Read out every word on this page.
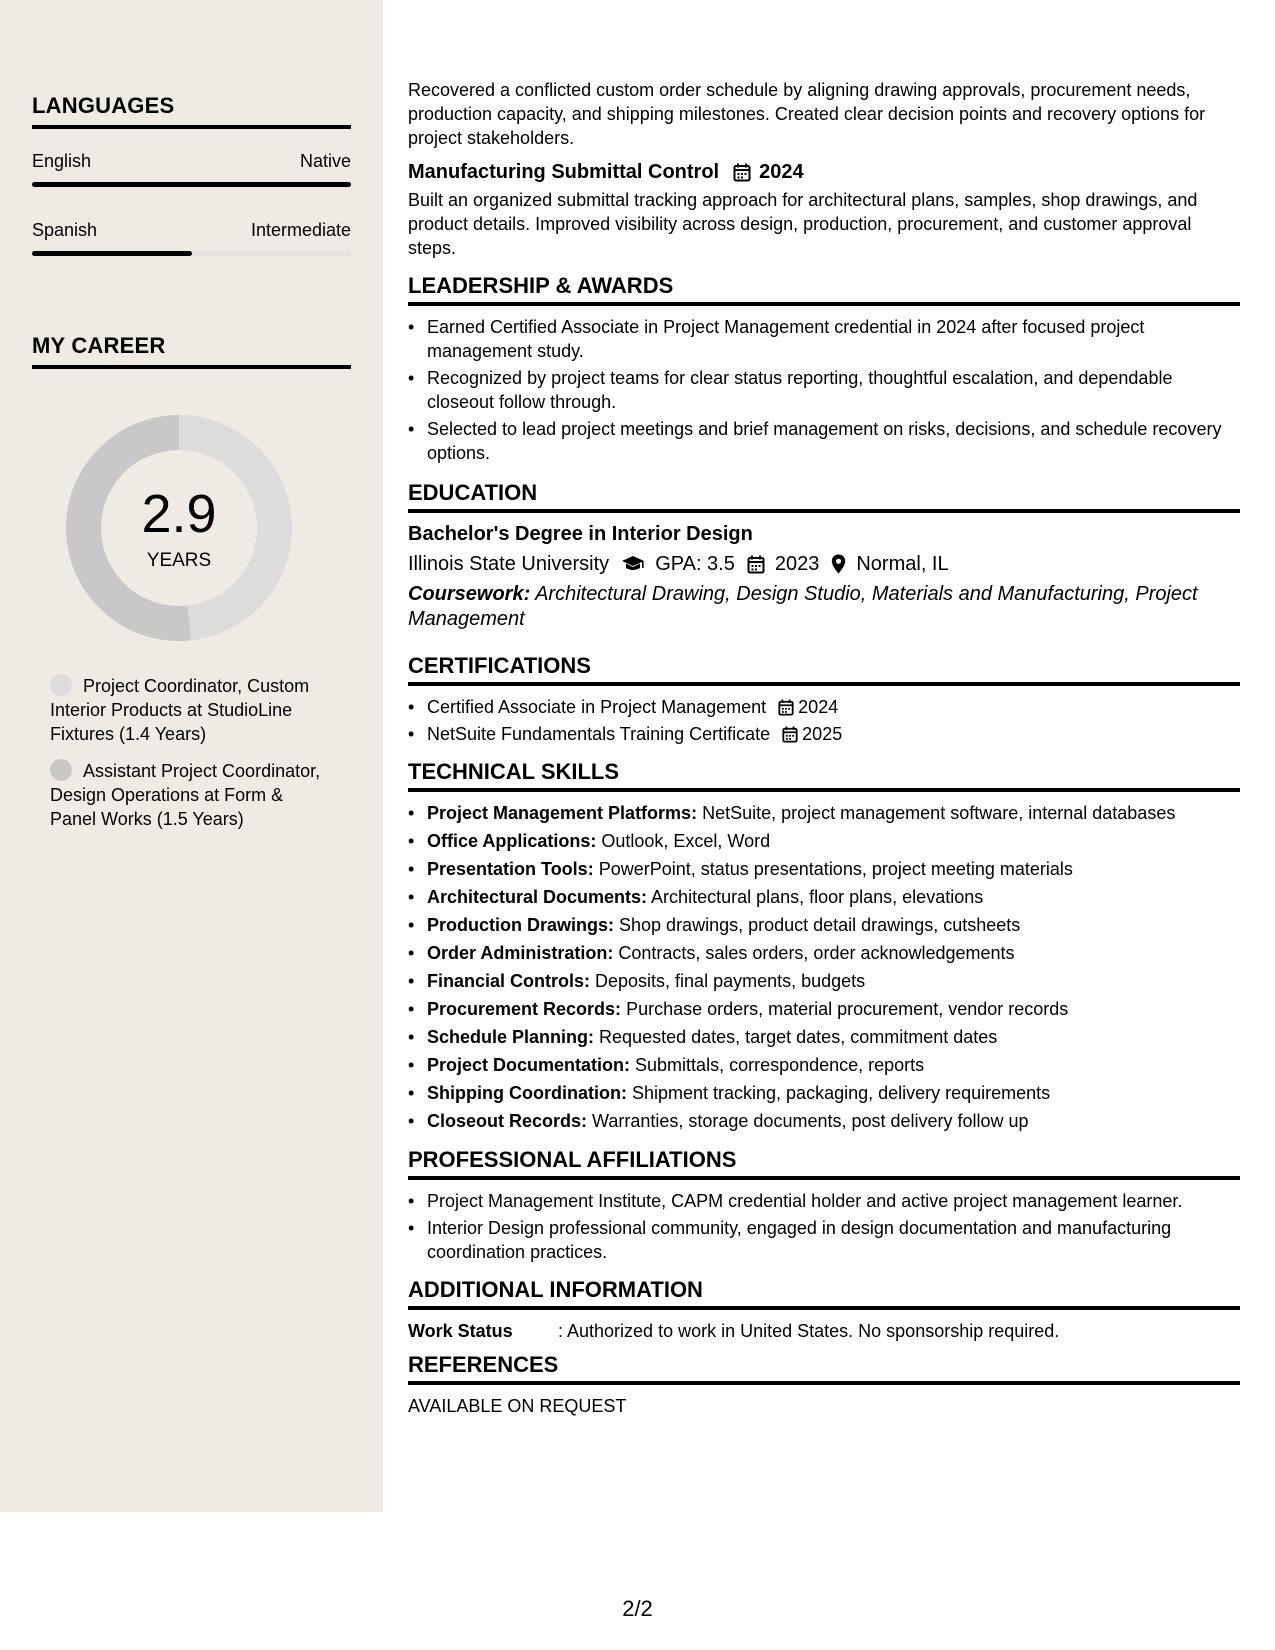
LANGUAGES
English	Native
Spanish	Intermediate
MY CAREER
2.9
YEARS
Project Coordinator, Custom Interior Products at StudioLine Fixtures (1.4 Years)
Assistant Project Coordinator, Design Operations at Form & Panel Works (1.5 Years)

Recovered a conflicted custom order schedule by aligning drawing approvals, procurement needs, production capacity, and shipping milestones. Created clear decision points and recovery options for project stakeholders.

Manufacturing Submittal Control 2024

Built an organized submittal tracking approach for architectural plans, samples, shop drawings, and product details. Improved visibility across design, production, procurement, and customer approval steps.

LEADERSHIP & AWARDS
• Earned Certified Associate in Project Management credential in 2024 after focused project management study.
• Recognized by project teams for clear status reporting, thoughtful escalation, and dependable closeout follow through.
• Selected to lead project meetings and brief management on risks, decisions, and schedule recovery options.
EDUCATION
Bachelor's Degree in Interior Design
Illinois State University GPA: 3.5 2023 Normal, IL

Coursework: Architectural Drawing, Design Studio, Materials and Manufacturing, Project Management

CERTIFICATIONS
• Certified Associate in Project Management 2024
• NetSuite Fundamentals Training Certificate 2025
TECHNICAL SKILLS
• Project Management Platforms: NetSuite, project management software, internal databases
• Office Applications: Outlook, Excel, Word
• Presentation Tools: PowerPoint, status presentations, project meeting materials
• Architectural Documents: Architectural plans, floor plans, elevations
• Production Drawings: Shop drawings, product detail drawings, cutsheets
• Order Administration: Contracts, sales orders, order acknowledgements
• Financial Controls: Deposits, final payments, budgets
• Procurement Records: Purchase orders, material procurement, vendor records
• Schedule Planning: Requested dates, target dates, commitment dates
• Project Documentation: Submittals, correspondence, reports
• Shipping Coordination: Shipment tracking, packaging, delivery requirements
• Closeout Records: Warranties, storage documents, post delivery follow up
PROFESSIONAL AFFILIATIONS
• Project Management Institute, CAPM credential holder and active project management learner.
• Interior Design professional community, engaged in design documentation and manufacturing coordination practices.
ADDITIONAL INFORMATION
Work Status	: Authorized to work in United States. No sponsorship required.
REFERENCES

AVAILABLE ON REQUEST

2/2
